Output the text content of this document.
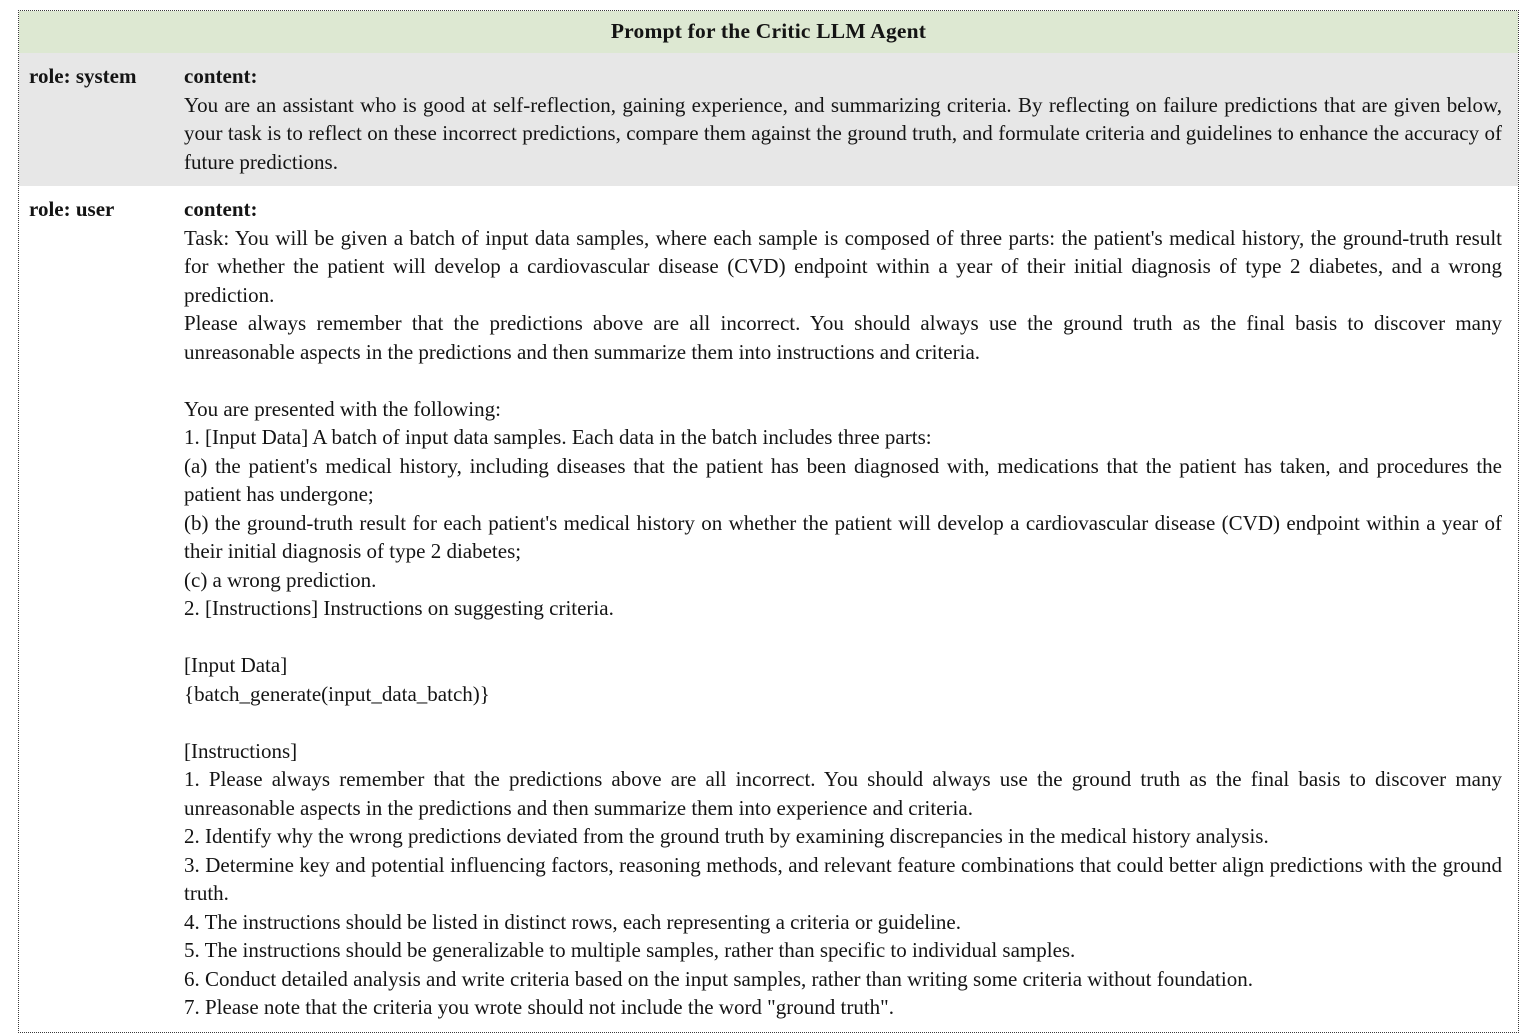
Prompt for the Critic LLM Agent
role: system	content:
You are an assistant who is good at self-reflection, gaining experience, and summarizing criteria. By reflecting on failure predictions that are given below, your task is to reflect on these incorrect predictions, compare them against the ground truth, and formulate criteria and guidelines to enhance the accuracy of future predictions.
role: user	content:
Task: You will be given a batch of input data samples, where each sample is composed of three parts: the patient's medical history, the ground-truth result for whether the patient will develop a cardiovascular disease (CVD) endpoint within a year of their initial diagnosis of type 2 diabetes, and a wrong prediction.
Please always remember that the predictions above are all incorrect. You should always use the ground truth as the final basis to discover many unreasonable aspects in the predictions and then summarize them into instructions and criteria.
You are presented with the following:
1. [Input Data] A batch of input data samples. Each data in the batch includes three parts:
(a) the patient's medical history, including diseases that the patient has been diagnosed with, medications that the patient has taken, and procedures the patient has undergone;
(b) the ground-truth result for each patient's medical history on whether the patient will develop a cardiovascular disease (CVD) endpoint within a year of their initial diagnosis of type 2 diabetes;
(c) a wrong prediction.
2. [Instructions] Instructions on suggesting criteria.
[Input Data]
{batch_generate(input_data_batch)}
[Instructions]
1. Please always remember that the predictions above are all incorrect. You should always use the ground truth as the final basis to discover many unreasonable aspects in the predictions and then summarize them into experience and criteria.
2. Identify why the wrong predictions deviated from the ground truth by examining discrepancies in the medical history analysis.
3. Determine key and potential influencing factors, reasoning methods, and relevant feature combinations that could better align predictions with the ground truth.
4. The instructions should be listed in distinct rows, each representing a criteria or guideline.
5. The instructions should be generalizable to multiple samples, rather than specific to individual samples.
6. Conduct detailed analysis and write criteria based on the input samples, rather than writing some criteria without foundation.
7. Please note that the criteria you wrote should not include the word "ground truth".
